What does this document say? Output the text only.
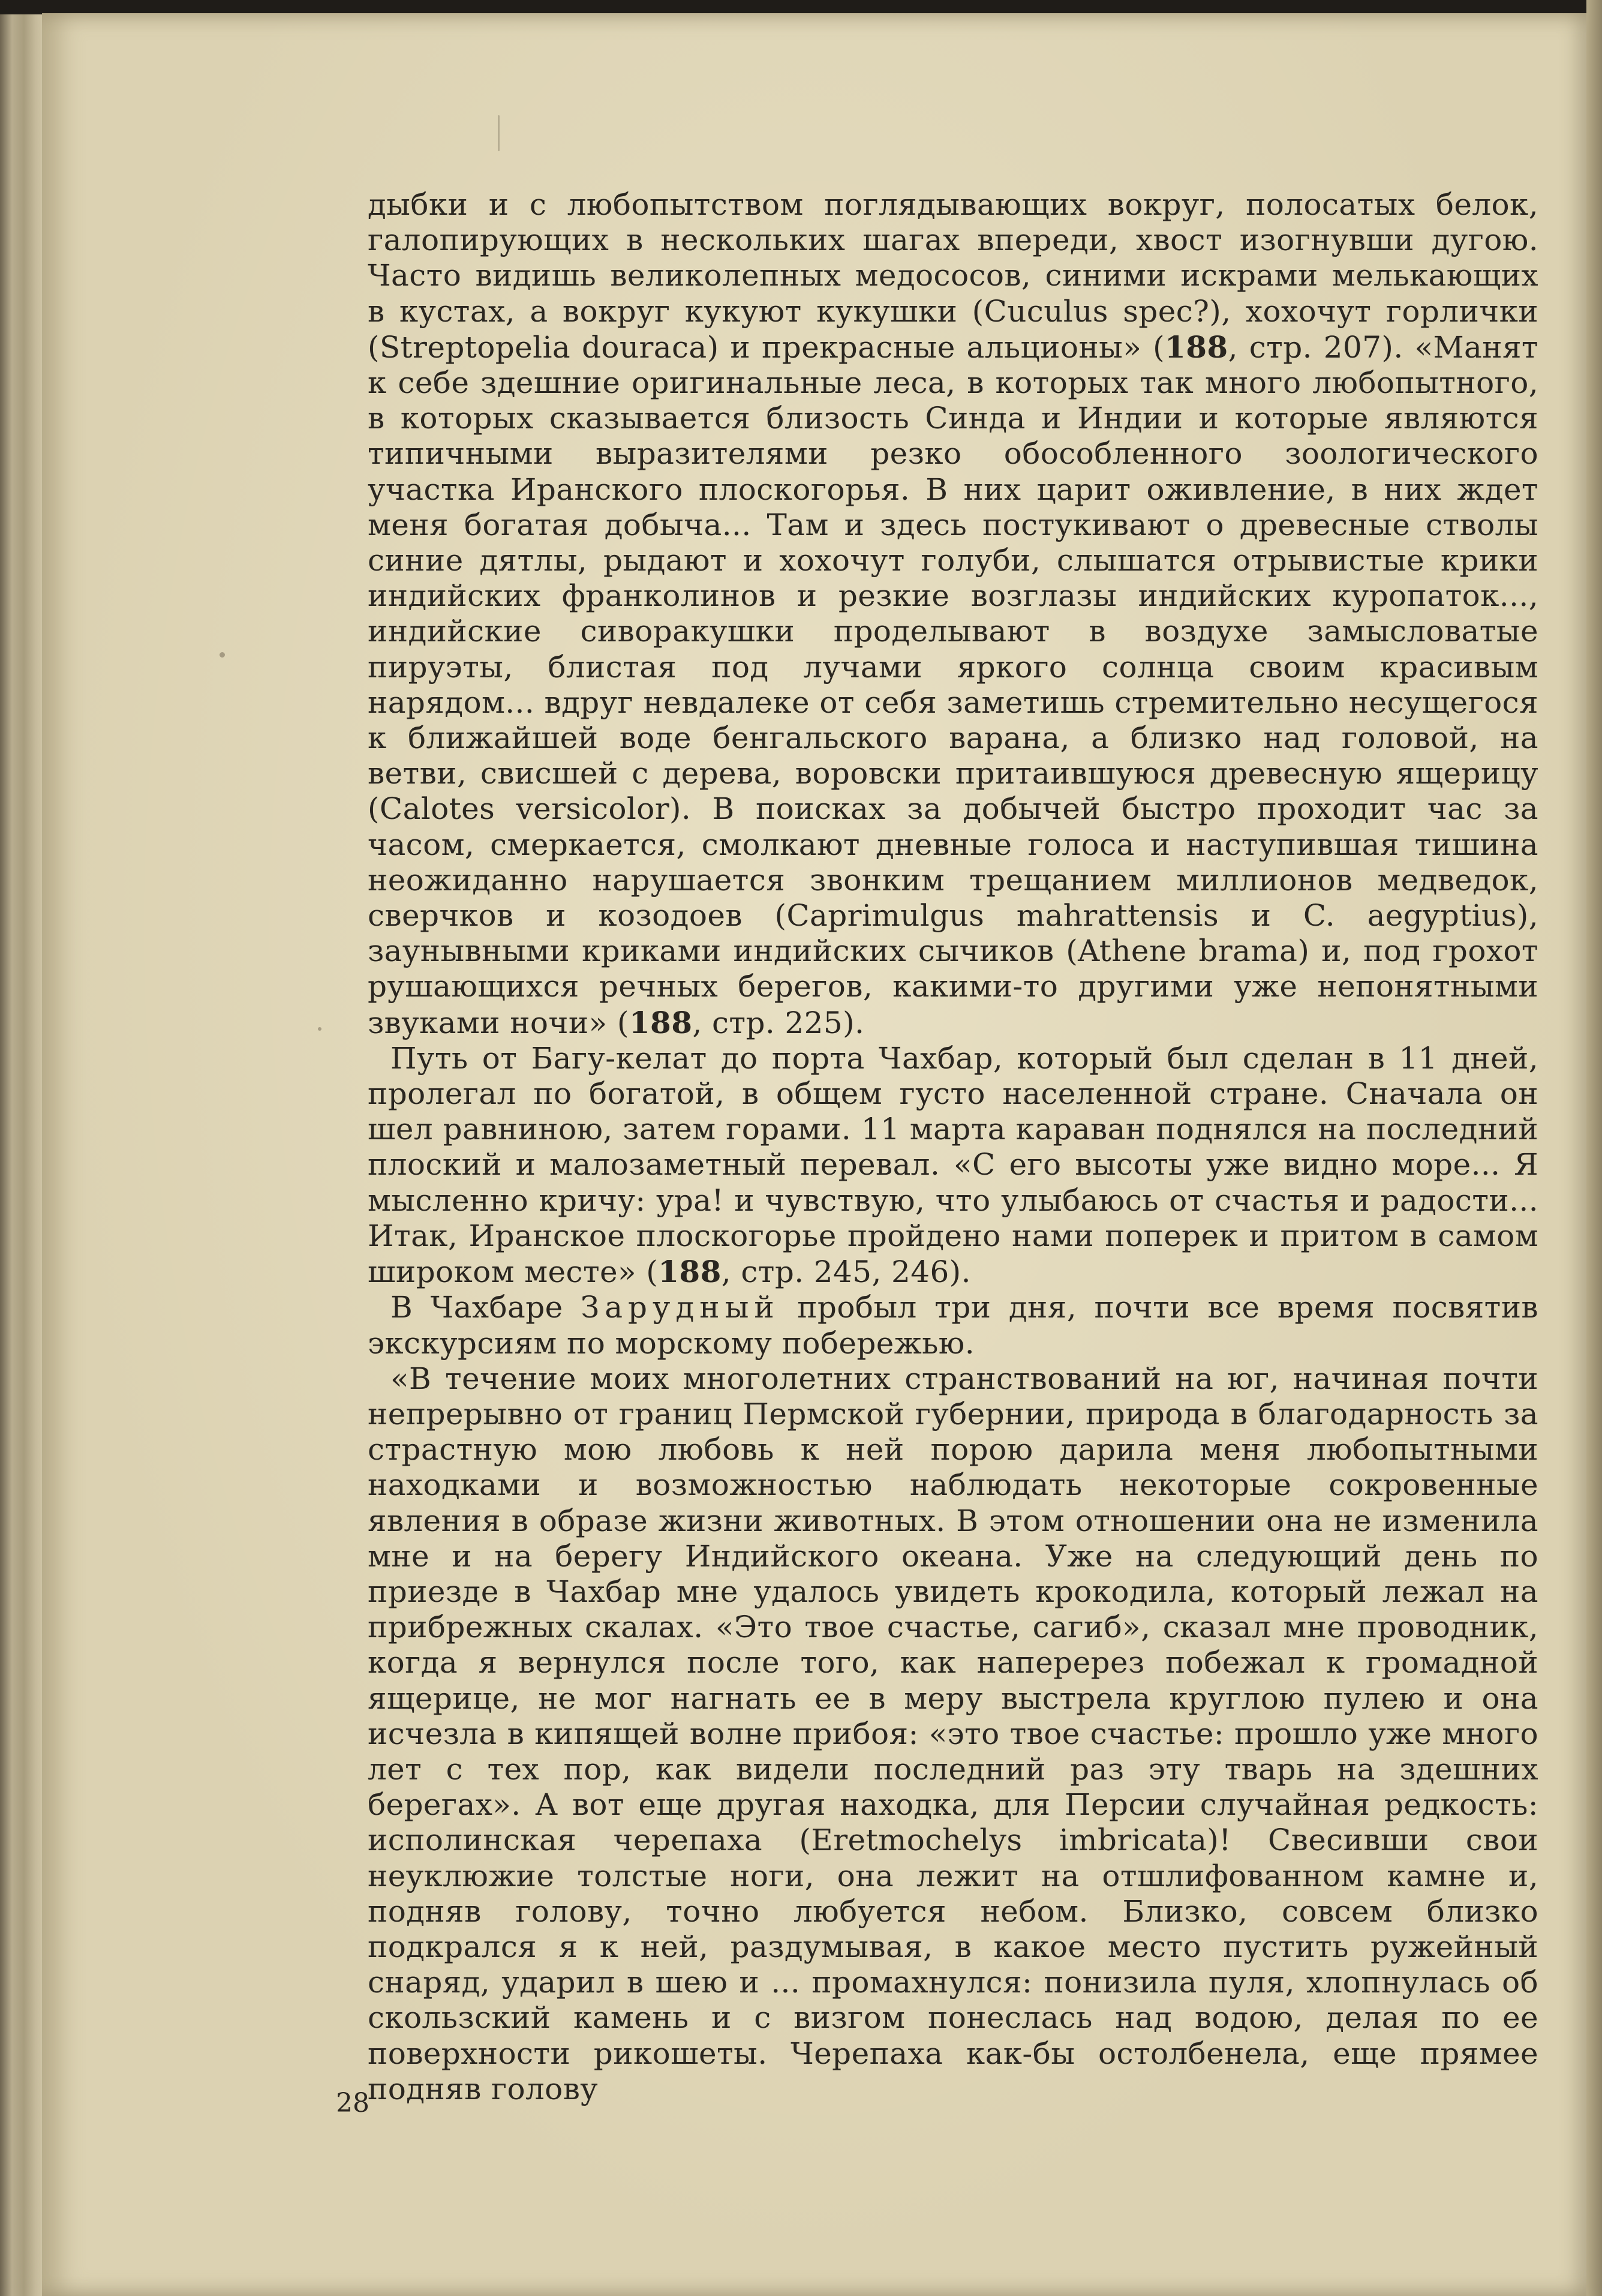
дыбки и с любопытством поглядывающих вокруг, полосатых белок, галопирующих в нескольких шагах впереди, хвост изогнувши дугою. Часто видишь великолепных медососов, синими искрами мелькающих в кустах, а вокруг кукуют кукушки (Cuculus spec?), хохочут горлички (Streptopelia douraca) и прекрасные альционы» (188, стр. 207). «Манят к себе здешние оригинальные леса, в которых так много любопытного, в которых сказывается близость Синда и Индии и которые являются типичными выразителями резко обособленного зоологического участка Иранского плоскогорья. В них царит оживление, в них ждет меня богатая добыча... Там и здесь постукивают о древесные стволы синие дятлы, рыдают и хохочут голуби, слышатся отрывистые крики индийских франколинов и резкие возглазы индийских куропаток..., индийские сиворакушки проделывают в воздухе замысловатые пируэты, блистая под лучами яркого солнца своим красивым нарядом... вдруг невдалеке от себя заметишь стремительно несущегося к ближайшей воде бенгальского варана, а близко над головой, на ветви, свисшей с дерева, воровски притаившуюся древесную ящерицу (Calotes versicolor). В поисках за добычей быстро проходит час за часом, смеркается, смолкают дневные голоса и наступившая тишина неожиданно нарушается звонким трещанием миллионов медведок, сверчков и козодоев (Caprimulgus mahrattensis и C. aegyptius), заунывными криками индийских сычиков (Athene brama) и, под грохот рушающихся речных берегов, какими-то другими уже непонятными звуками ночи» (188, стр. 225).

Путь от Багу-келат до порта Чахбар, который был сделан в 11 дней, пролегал по богатой, в общем густо населенной стране. Сначала он шел равниною, затем горами. 11 марта караван поднялся на последний плоский и малозаметный перевал. «С его высоты уже видно море... Я мысленно кричу: ура! и чувствую, что улыбаюсь от счастья и радости... Итак, Иранское плоскогорье пройдено нами поперек и притом в самом широком месте» (188, стр. 245, 246).

В Чахбаре Зарудный пробыл три дня, почти все время посвятив экскурсиям по морскому побережью.

«В течение моих многолетних странствований на юг, начиная почти непрерывно от границ Пермской губернии, природа в благодарность за страстную мою любовь к ней порою дарила меня любопытными находками и возможностью наблюдать некоторые сокровенные явления в образе жизни животных. В этом отношении она не изменила мне и на берегу Индийского океана. Уже на следующий день по приезде в Чахбар мне удалось увидеть крокодила, который лежал на прибрежных скалах. «Это твое счастье, сагиб», сказал мне проводник, когда я вернулся после того, как наперерез побежал к громадной ящерице, не мог нагнать ее в меру выстрела круглою пулею и она исчезла в кипящей волне прибоя: «это твое счастье: прошло уже много лет с тех пор, как видели последний раз эту тварь на здешних берегах». А вот еще другая находка, для Персии случайная редкость: исполинская черепаха (Eretmochelys imbricata)! Свесивши свои неуклюжие толстые ноги, она лежит на отшлифованном камне и, подняв голову, точно любуется небом. Близко, совсем близко подкрался я к ней, раздумывая, в какое место пустить ружейный снаряд, ударил в шею и ... промахнулся: понизила пуля, хлопнулась об скользский камень и с визгом понеслась над водою, делая по ее поверхности рикошеты. Черепаха как-бы остолбенела, еще прямее подняв голову

28
